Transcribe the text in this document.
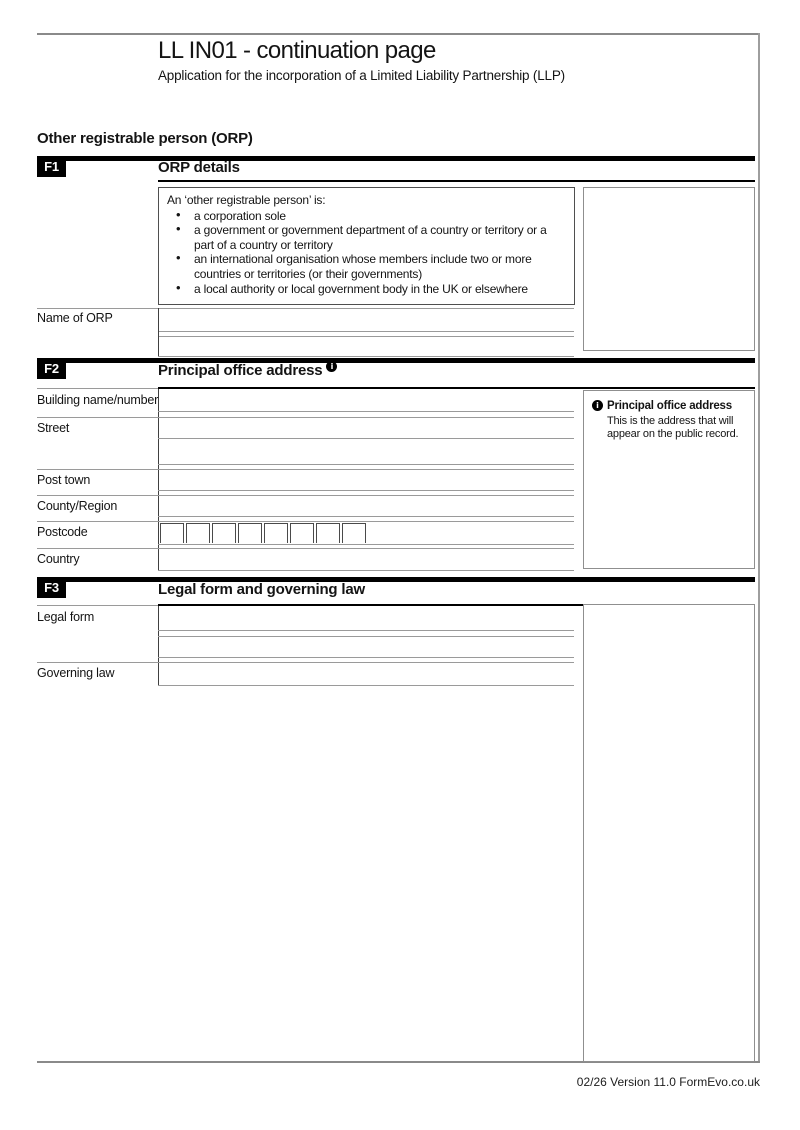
LL IN01 - continuation page
Application for the incorporation of a Limited Liability Partnership (LLP)
Other registrable person (ORP)
F1	ORP details
An ‘other registrable person’ is:
• a corporation sole
• a government or government department of a country or territory or a part of a country or territory
• an international organisation whose members include two or more countries or territories (or their governments)
• a local authority or local government body in the UK or elsewhere
Name of ORP
F2	Principal office address i
Building name/number
Street
Post town
County/Region
Postcode
Country
i Principal office address
This is the address that will appear on the public record.
F3	Legal form and governing law
Legal form
Governing law
02/26 Version 11.0 FormEvo.co.uk
